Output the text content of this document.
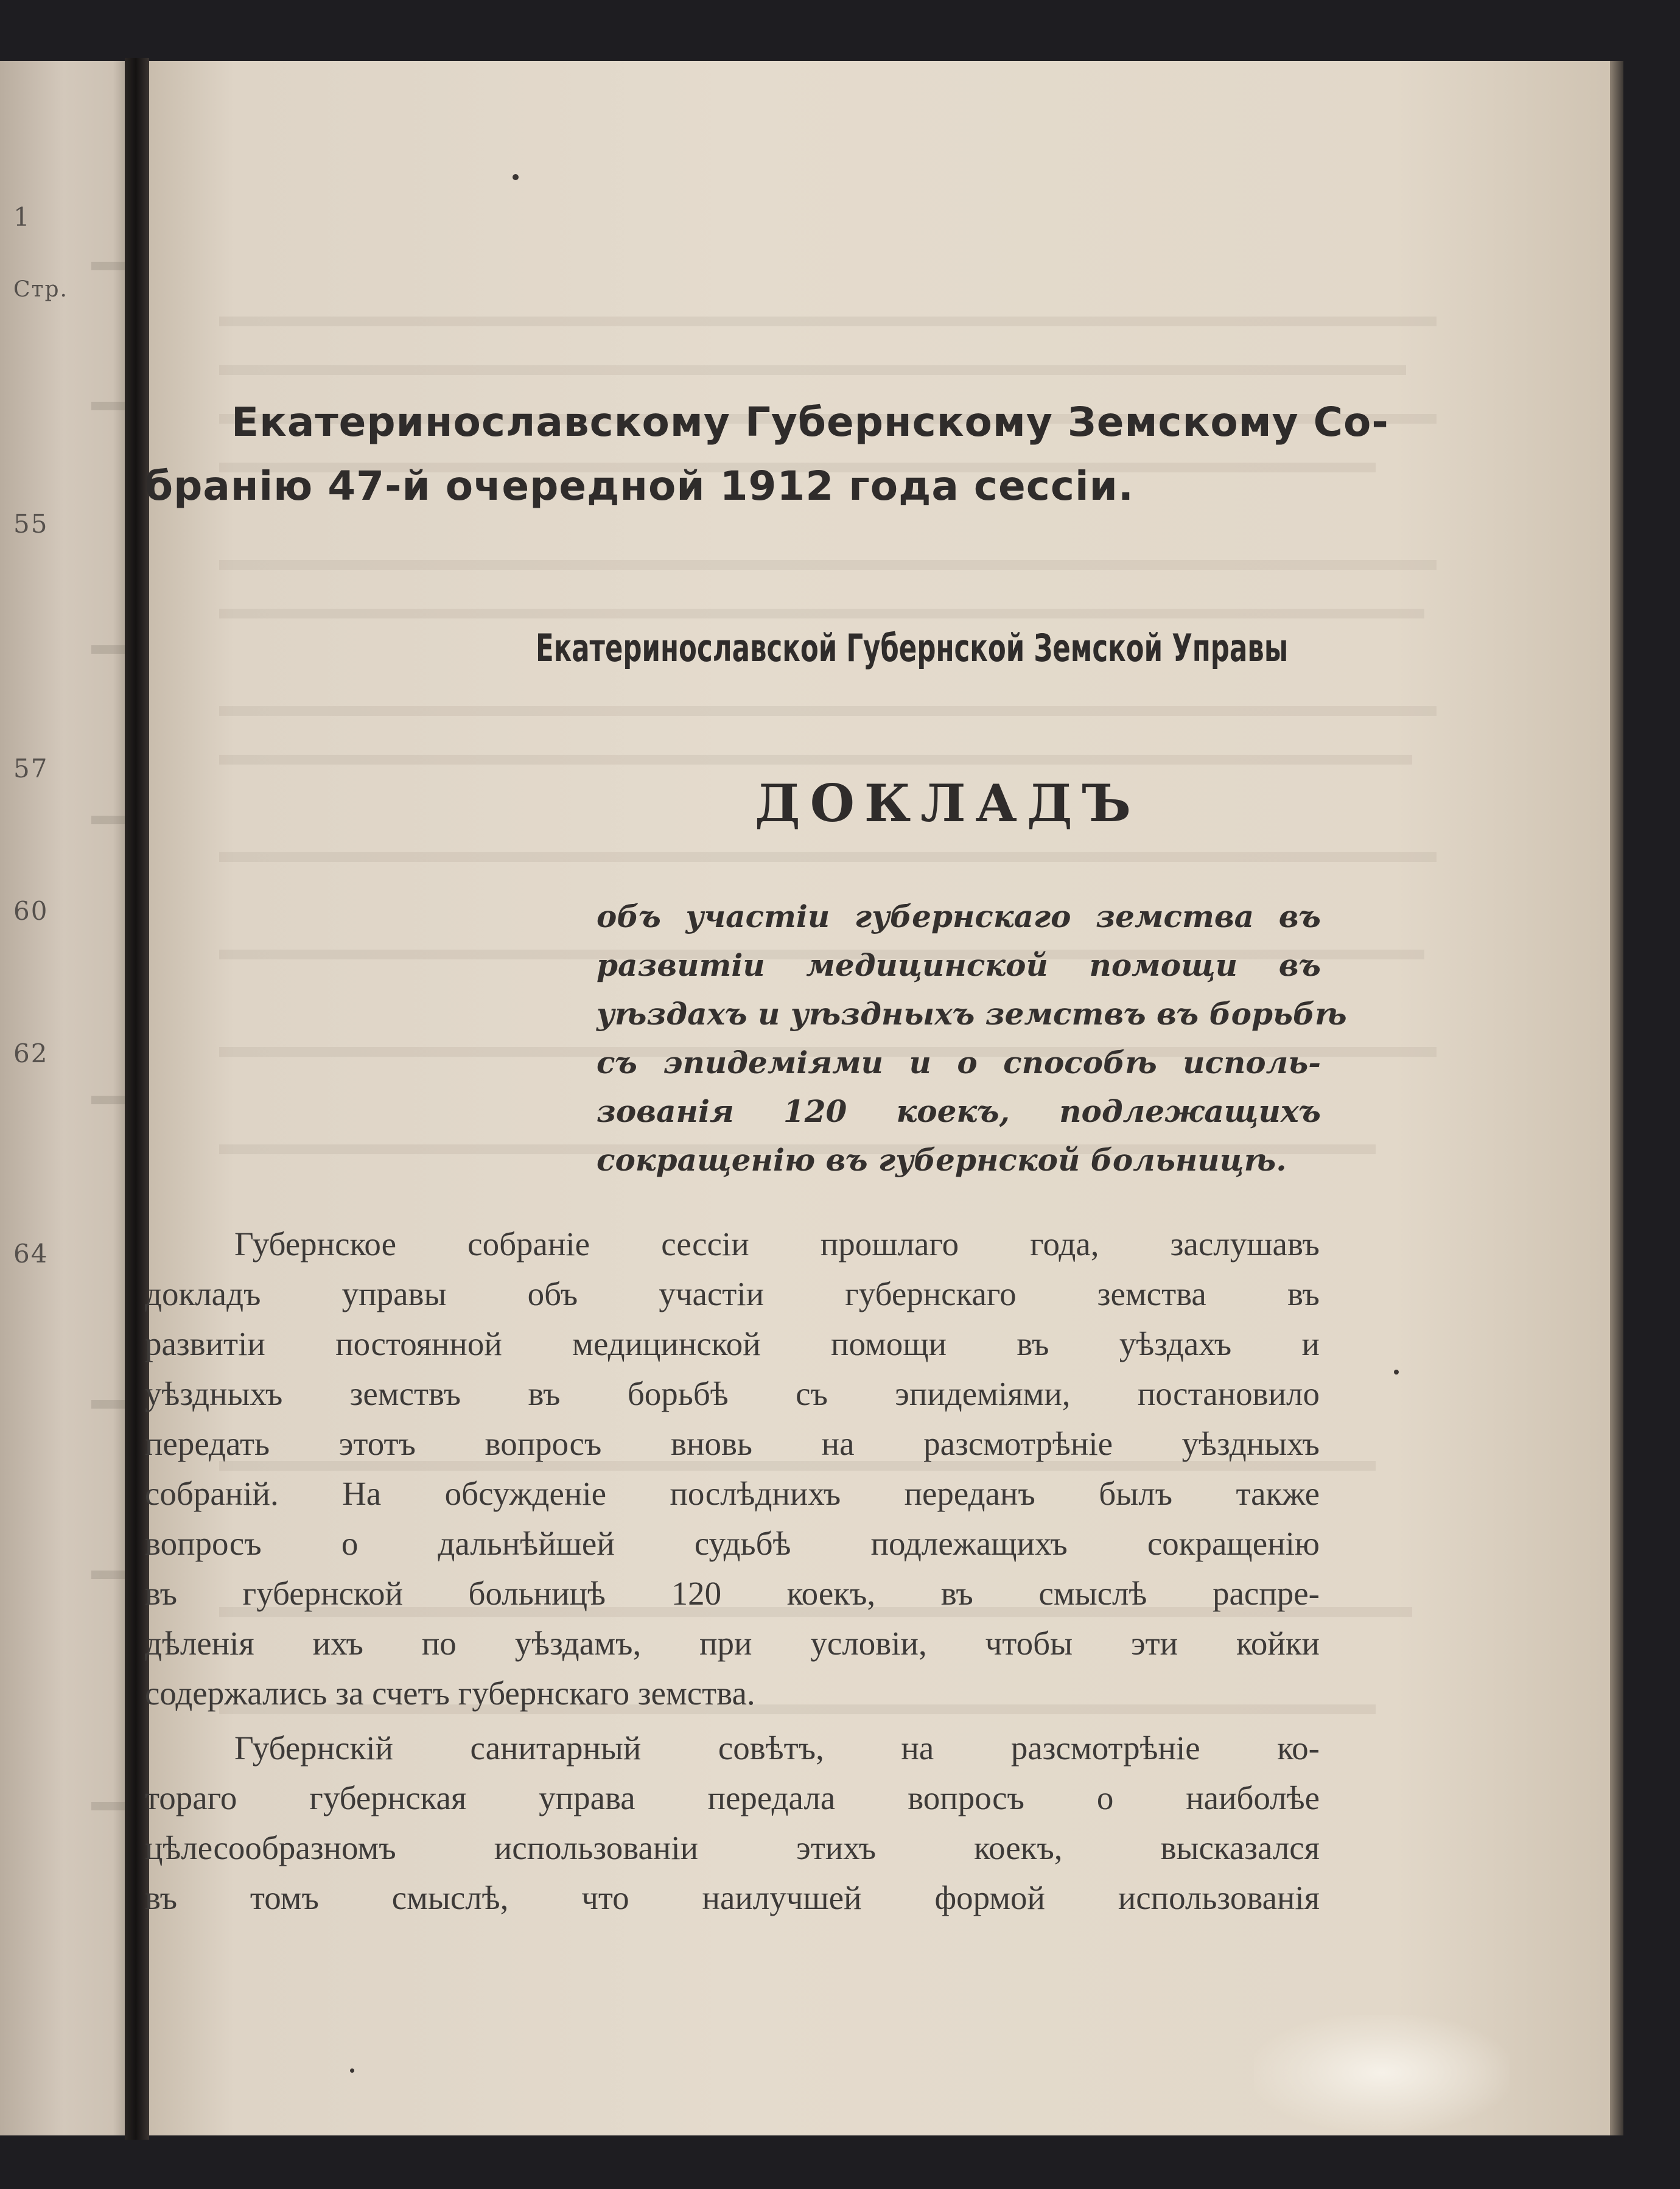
1
Стр.
55
57
60
62
64
Екатеринославскому Губернскому Земскому Со-
бранію 47-й очередной 1912 года сессіи.
Екатеринославской Губернской Земской Управы
ДОКЛАДЪ
объ участіи губернскаго земства въ
развитіи медицинской помощи въ
уѣздахъ и уѣздныхъ земствъ въ борьбѣ
съ эпидеміями и о способѣ исполь-
зованія 120 коекъ, подлежащихъ
сокращенію въ губернской больницѣ.
Губернское собраніе сессіи прошлаго года, заслушавъ
докладъ управы объ участіи губернскаго земства въ
развитіи постоянной медицинской помощи въ уѣздахъ и
уѣздныхъ земствъ въ борьбѣ съ эпидеміями, постановило
передать этотъ вопросъ вновь на разсмотрѣніе уѣздныхъ
собраній. На обсужденіе послѣднихъ переданъ былъ также
вопросъ о дальнѣйшей судьбѣ подлежащихъ сокращенію
въ губернской больницѣ 120 коекъ, въ смыслѣ распре-
дѣленія ихъ по уѣздамъ, при условіи, чтобы эти койки
содержались за счетъ губернскаго земства.
Губернскій санитарный совѣтъ, на разсмотрѣніе ко-
тораго губернская управа передала вопросъ о наиболѣе
цѣлесообразномъ использованіи этихъ коекъ, высказался
въ томъ смыслѣ, что наилучшей формой использованія
